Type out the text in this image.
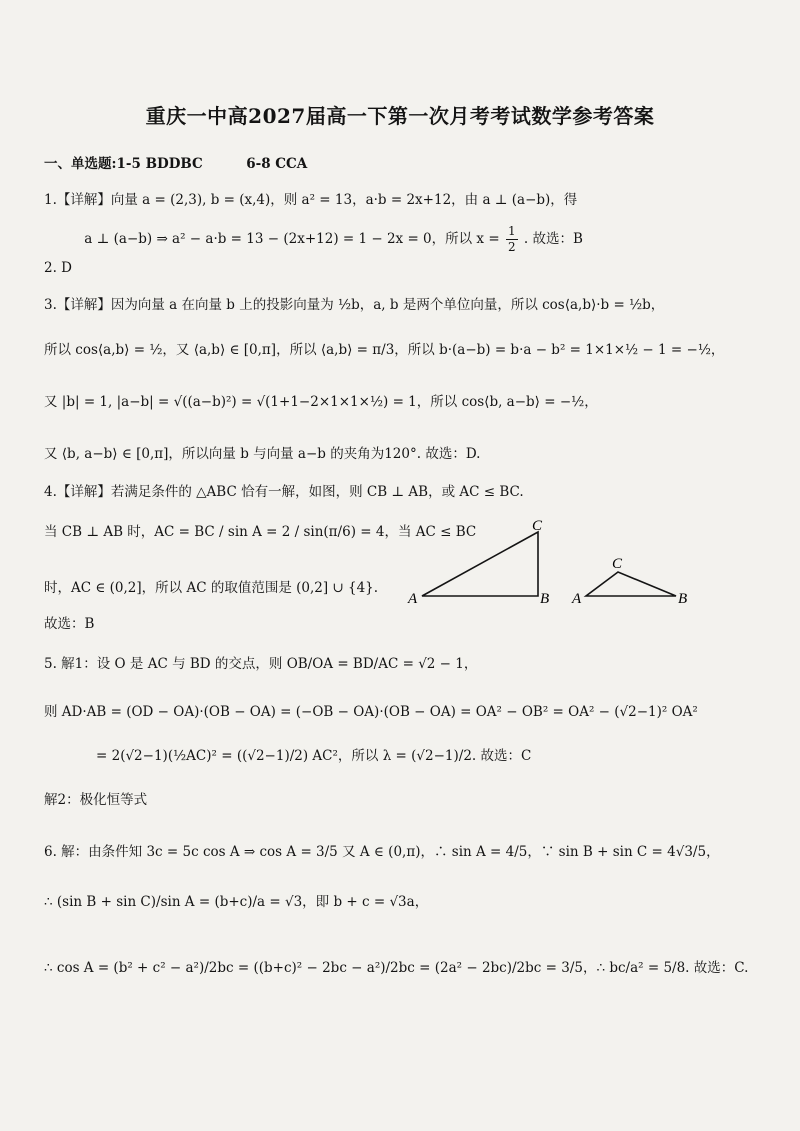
重庆一中高2027届高一下第一次月考考试数学参考答案
一、单选题:1-5 BDDBC	6-8 CCA
1.【详解】向量 a = (2,3), b = (x,4)，则 a² = 13，a·b = 2x+12，由 a ⊥ (a−b)，得
a ⊥ (a−b) ⇒ a² − a·b = 13 − (2x+12) = 1 − 2x = 0，所以 $x = \frac{1}{2}$ . 故选：B
2. D
3.【详解】因为向量 a 在向量 b 上的投影向量为 ½b，a, b 是两个单位向量，所以 cos⟨a,b⟩·b = ½b，
所以 cos⟨a,b⟩ = ½，又 ⟨a,b⟩ ∈ [0,π]，所以 ⟨a,b⟩ = π/3，所以 b·(a−b) = b·a − b² = 1×1×½ − 1 = −½，
又 |b| = 1, |a−b| = √((a−b)²) = √(1+1−2×1×1×½) = 1，所以 cos⟨b, a−b⟩ = −½，
又 ⟨b, a−b⟩ ∈ [0,π]，所以向量 b 与向量 a−b 的夹角为120°. 故选：D.
4.【详解】若满足条件的 △ABC 恰有一解，如图，则 CB ⊥ AB，或 AC ≤ BC.
当 CB ⊥ AB 时，AC = BC / sin A = 2 / sin(π/6) = 4，当 AC ≤ BC
时，AC ∈ (0,2]，所以 AC 的取值范围是 (0,2] ∪ {4}.
故选：B
A	B
C
A	B
C
5. 解1：设 O 是 AC 与 BD 的交点，则 OB/OA = BD/AC = √2 − 1，
则 AD·AB = (OD − OA)·(OB − OA) = (−OB − OA)·(OB − OA) = OA² − OB² = OA² − (√2−1)² OA²
= 2(√2−1)(½AC)² = ((√2−1)/2) AC²，所以 λ = (√2−1)/2. 故选：C
解2：极化恒等式
6. 解：由条件知 3c = 5c cos A ⇒ cos A = 3/5 又 A ∈ (0,π)，∴ sin A = 4/5，∵ sin B + sin C = 4√3/5，
∴ (sin B + sin C)/sin A = (b+c)/a = √3，即 b + c = √3a，
∴ cos A = (b² + c² − a²)/2bc = ((b+c)² − 2bc − a²)/2bc = (2a² − 2bc)/2bc = 3/5，∴ bc/a² = 5/8. 故选：C.
